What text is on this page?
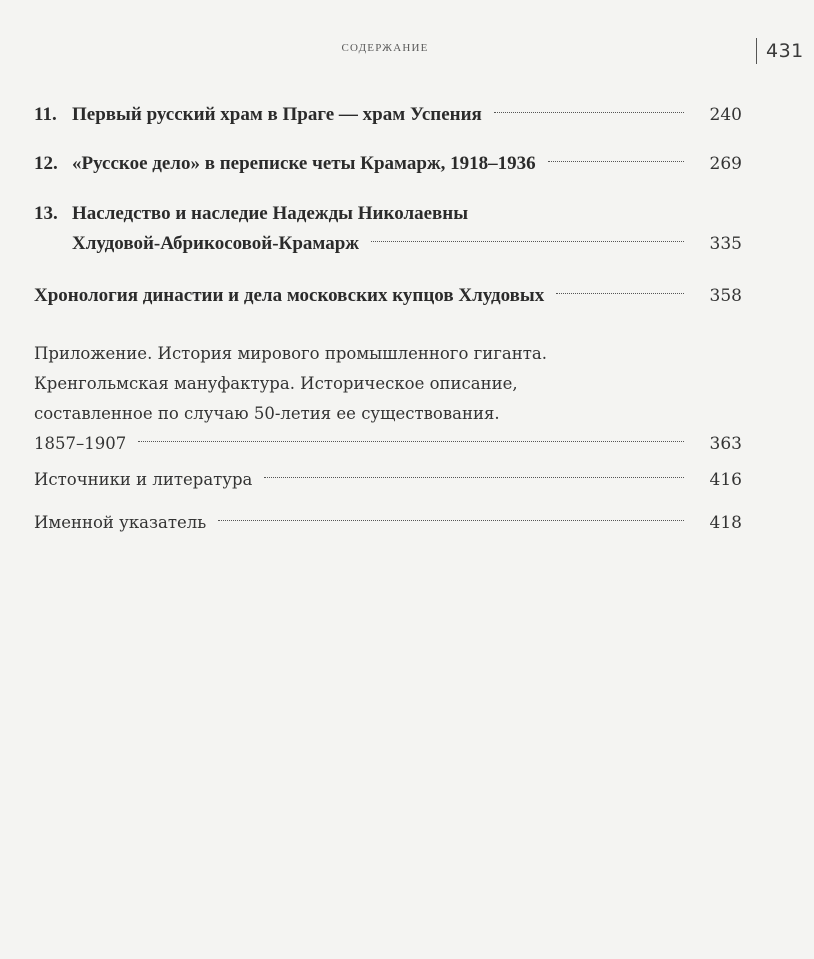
СОДЕРЖАНИЕ	431
11. Первый русский храм в Праге — храм Успения	240
12. «Русское дело» в переписке четы Крамарж, 1918–1936	269
13. Наследство и наследие Надежды Николаевны
Хлудовой-Абрикосовой-Крамарж	335
Хронология династии и дела московских купцов Хлудовых	358
Приложение. История мирового промышленного гиганта.
Кренгольмская мануфактура. Историческое описание,
составленное по случаю 50-летия ее существования.
1857–1907	363
Источники и литература	416
Именной указатель	418
